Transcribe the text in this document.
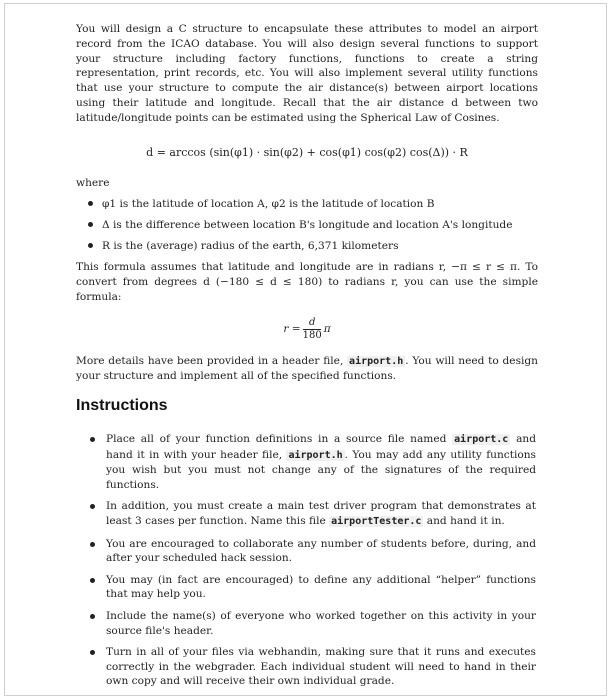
You will design a C structure to encapsulate these attributes to model an airport record from the ICAO database. You will also design several functions to support your structure including factory functions, functions to create a string representation, print records, etc. You will also implement several utility functions that use your structure to compute the air distance(s) between airport locations using their latitude and longitude. Recall that the air distance d between two latitude/longitude points can be estimated using the Spherical Law of Cosines.

d = arccos (sin(φ1) · sin(φ2) + cos(φ1) cos(φ2) cos(Δ)) · R

where

φ1 is the latitude of location A, φ2 is the latitude of location B
Δ is the difference between location B's longitude and location A's longitude
R is the (average) radius of the earth, 6,371 kilometers

This formula assumes that latitude and longitude are in radians r, −π ≤ r ≤ π. To convert from degrees d (−180 ≤ d ≤ 180) to radians r, you can use the simple formula:

$r = \frac{d}{180}$ π

More details have been provided in a header file, airport.h . You will need to design your structure and implement all of the specified functions.

Instructions
Place all of your function definitions in a source file named airport.c and hand it in with your header file, airport.h . You may add any utility functions you wish but you must not change any of the signatures of the required functions.
In addition, you must create a main test driver program that demonstrates at least 3 cases per function. Name this file airportTester.c and hand it in.
You are encouraged to collaborate any number of students before, during, and after your scheduled hack session.
You may (in fact are encouraged) to define any additional “helper” functions that may help you.
Include the name(s) of everyone who worked together on this activity in your source file's header.
Turn in all of your files via webhandin, making sure that it runs and executes correctly in the webgrader. Each individual student will need to hand in their own copy and will receive their own individual grade.
